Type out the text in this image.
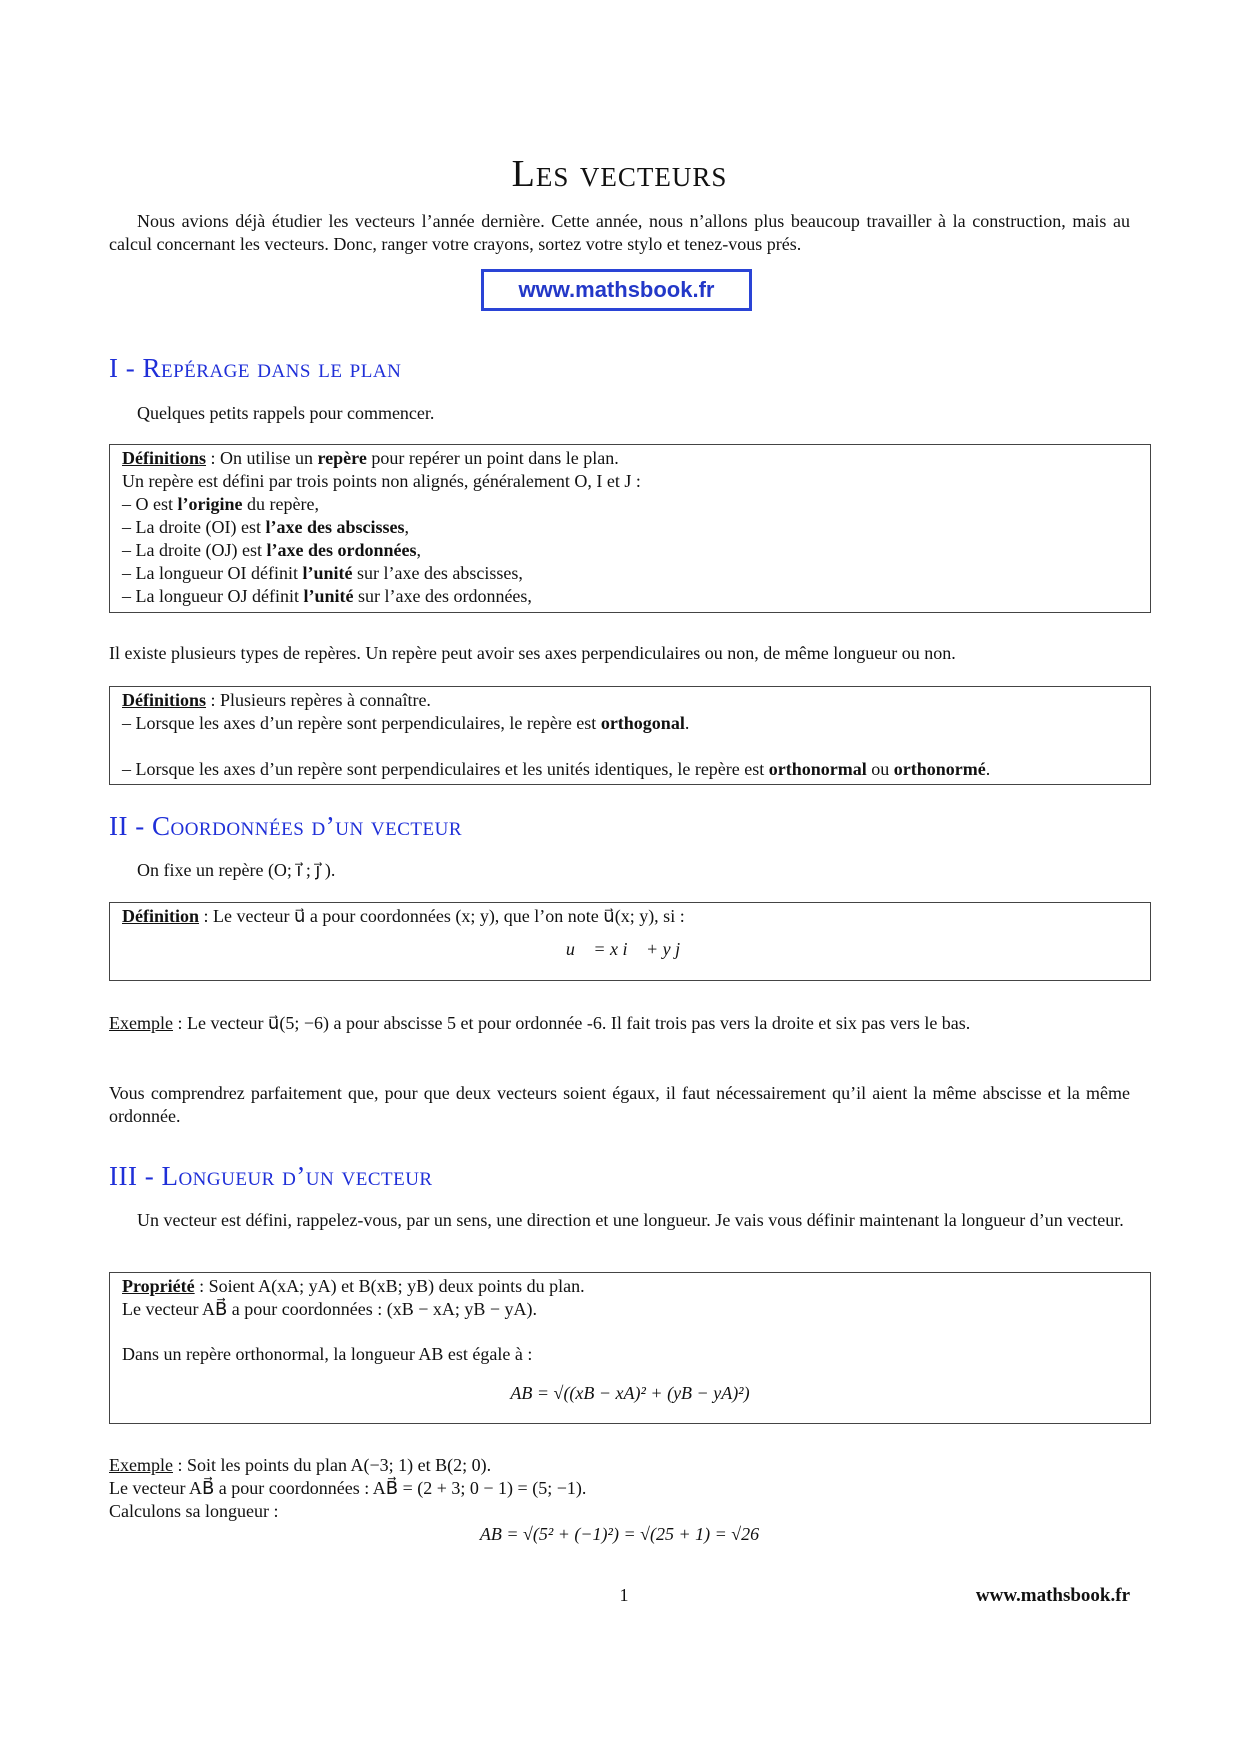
Les vecteurs
Nous avions déjà étudier les vecteurs l’année dernière. Cette année, nous n’allons plus beaucoup travailler à la construction, mais au calcul concernant les vecteurs. Donc, ranger votre crayons, sortez votre stylo et tenez-vous prés.
www.mathsbook.fr
I - Repérage dans le plan
Quelques petits rappels pour commencer.
Définitions : On utilise un repère pour repérer un point dans le plan.
Un repère est défini par trois points non alignés, généralement O, I et J :
– O est l’origine du repère,
– La droite (OI) est l’axe des abscisses,
– La droite (OJ) est l’axe des ordonnées,
– La longueur OI définit l’unité sur l’axe des abscisses,
– La longueur OJ définit l’unité sur l’axe des ordonnées,
Il existe plusieurs types de repères. Un repère peut avoir ses axes perpendiculaires ou non, de même longueur ou non.
Définitions : Plusieurs repères à connaître.
– Lorsque les axes d’un repère sont perpendiculaires, le repère est orthogonal.
– Lorsque les axes d’un repère sont perpendiculaires et les unités identiques, le repère est orthonormal ou orthonormé.
II - Coordonnées d’un vecteur
On fixe un repère (O; i⃗ ; j⃗ ).
Définition : Le vecteur u⃗ a pour coordonnées (x; y), que l’on note u⃗(x; y), si :
u⃗ = x i⃗ + y j⃗
Exemple : Le vecteur u⃗(5; −6) a pour abscisse 5 et pour ordonnée -6. Il fait trois pas vers la droite et six pas vers le bas.
Vous comprendrez parfaitement que, pour que deux vecteurs soient égaux, il faut nécessairement qu’il aient la même abscisse et la même ordonnée.
III - Longueur d’un vecteur
Un vecteur est défini, rappelez-vous, par un sens, une direction et une longueur. Je vais vous définir maintenant la longueur d’un vecteur.
Propriété : Soient A(xA; yA) et B(xB; yB) deux points du plan.
Le vecteur AB⃗ a pour coordonnées : (xB − xA; yB − yA).
Dans un repère orthonormal, la longueur AB est égale à :
AB = √((xB − xA)² + (yB − yA)²)
Exemple : Soit les points du plan A(−3; 1) et B(2; 0).
Le vecteur AB⃗ a pour coordonnées : AB⃗ = (2 + 3; 0 − 1) = (5; −1).
Calculons sa longueur :
AB = √(5² + (−1)²) = √(25 + 1) = √26
1	www.mathsbook.fr
